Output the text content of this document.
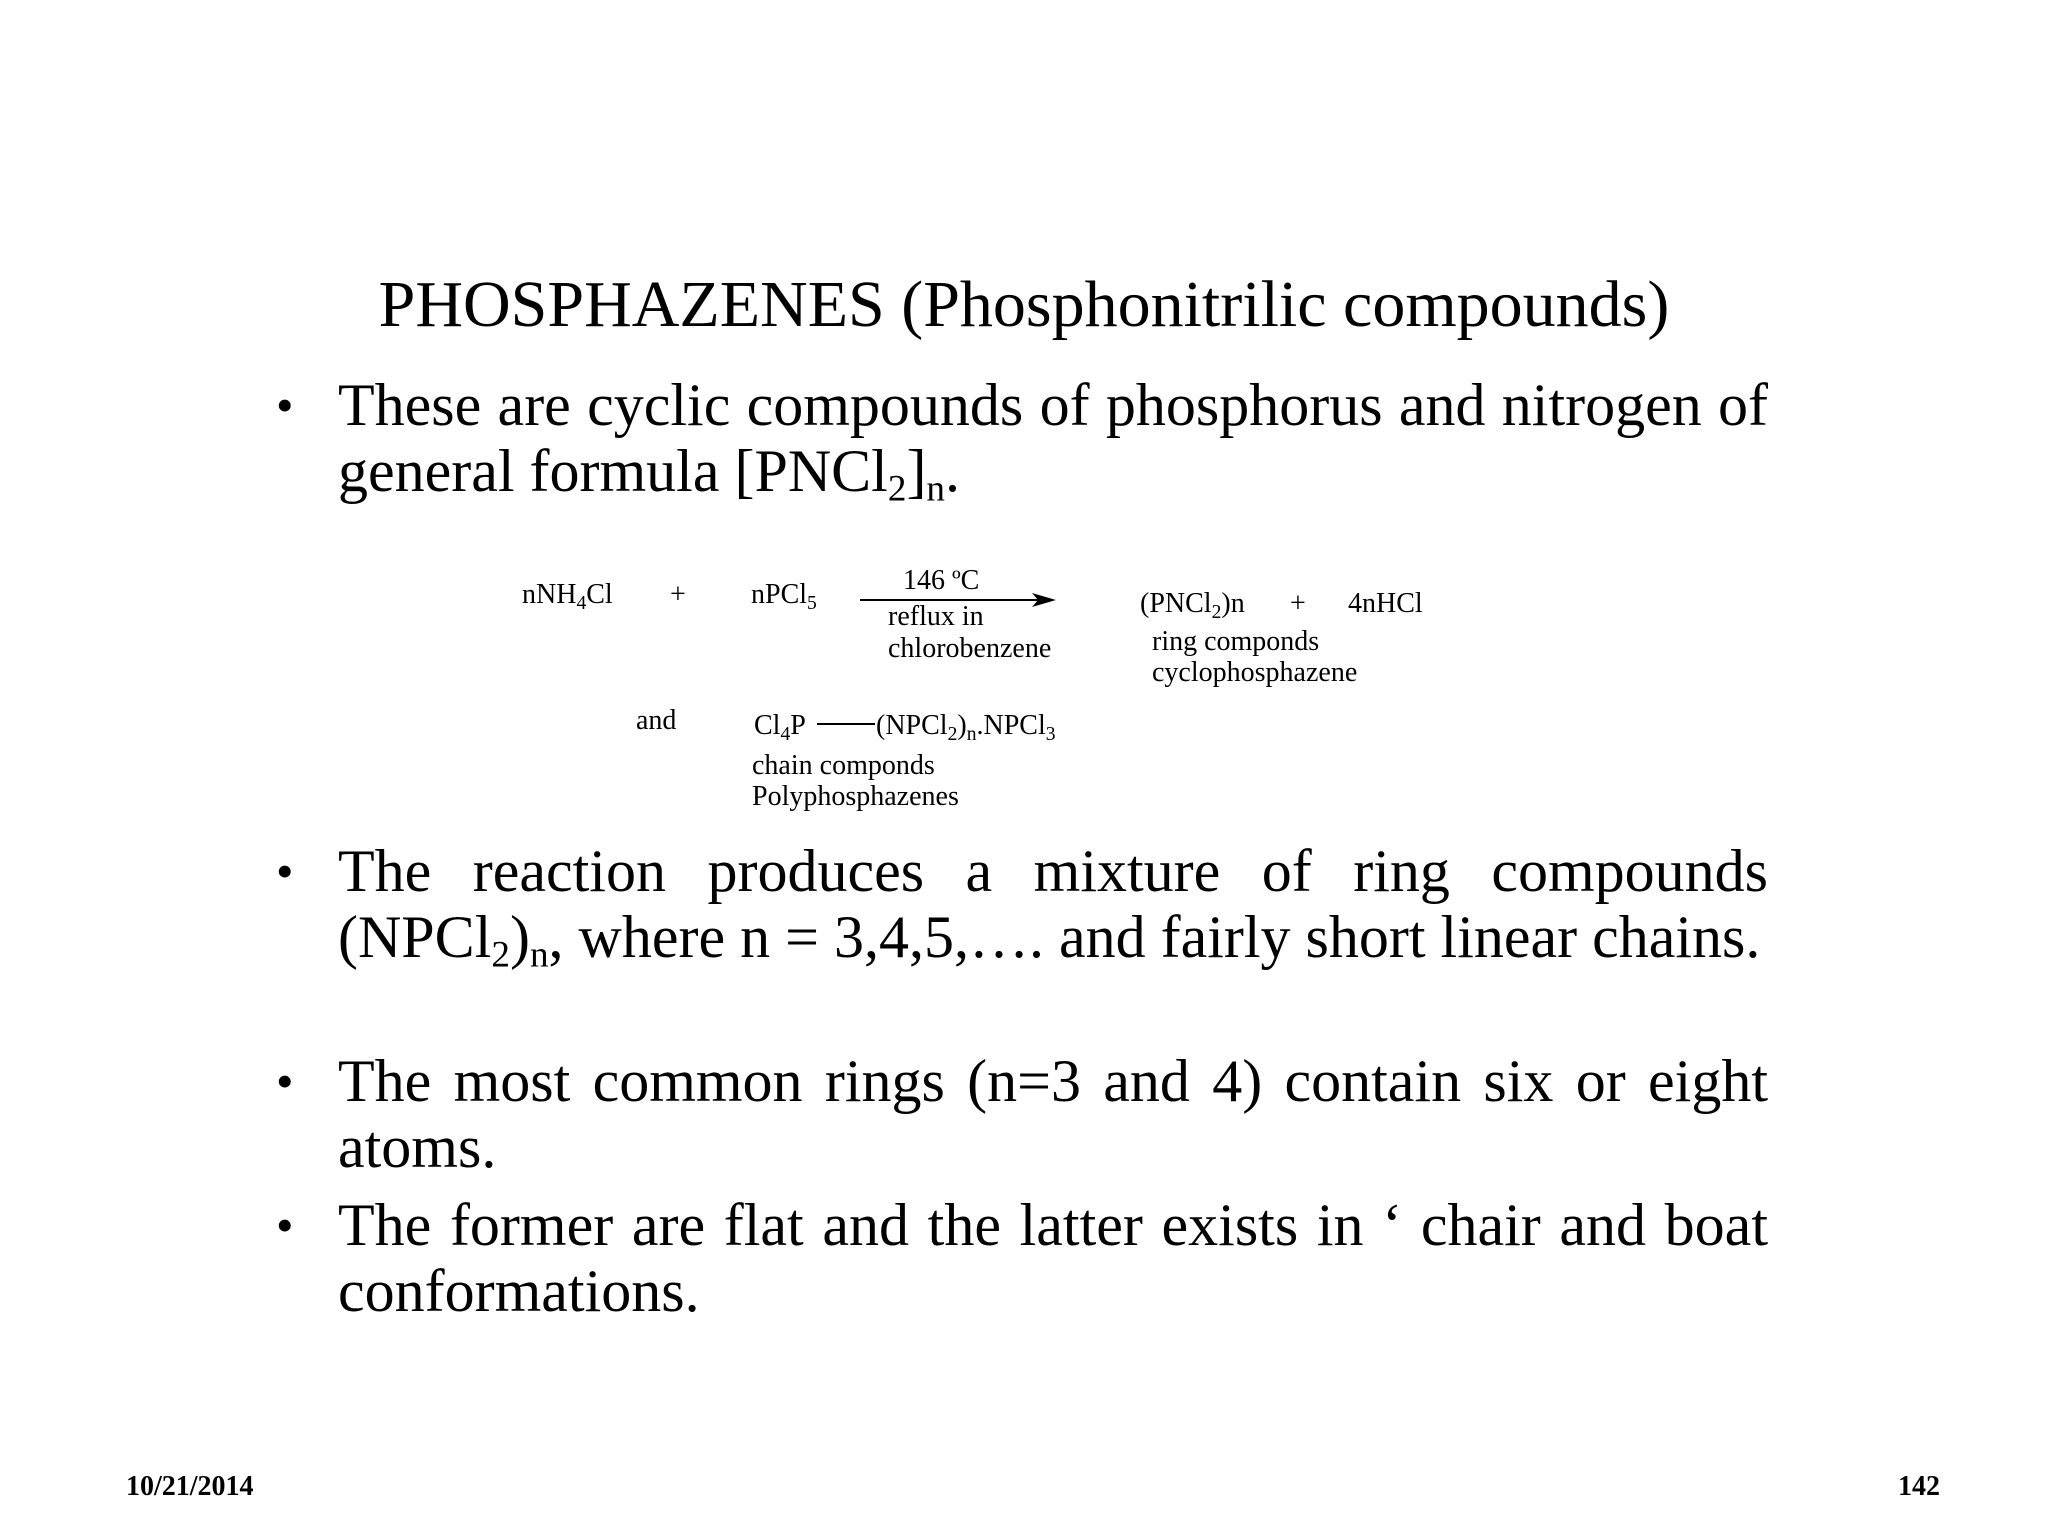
PHOSPHAZENES (Phosphonitrilic compounds)
• These are cyclic compounds of phosphorus and nitrogen of general formula $[PNCl_2]_n$.
nNH$_4$Cl + nPCl$_5$
146 ºC
reflux in
chlorobenzene
(PNCl$_2$)n + 4nHCl
ring componds
cyclophosphazene
and	$Cl_4P$	$(NPCl_2)_n.NPCl_3$
chain componds
Polyphosphazenes
• The reaction produces a mixture of ring compounds $(NPCl_2)_n$, where n = 3,4,5,…. and fairly short linear chains.
• The most common rings (n=3 and 4) contain six or eight atoms.
• The former are flat and the latter exists in ‘ chair and boat conformations.
10/21/2014	142
